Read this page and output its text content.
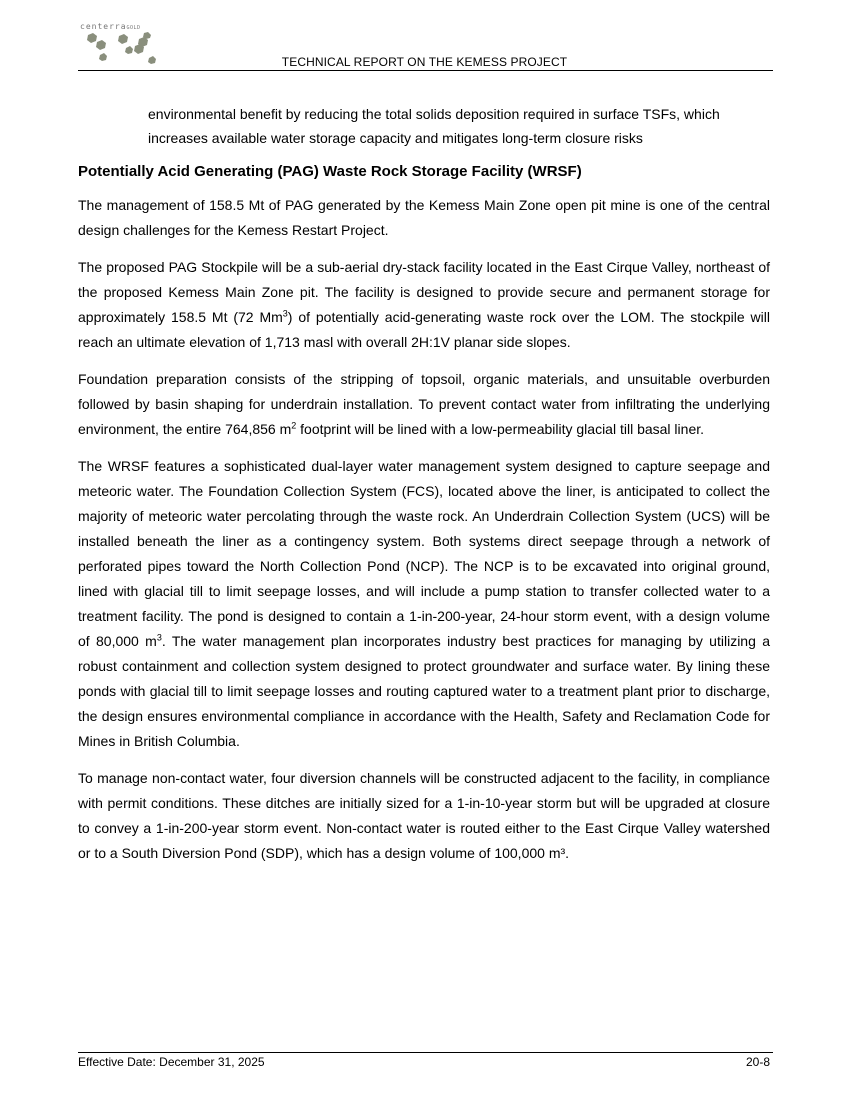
centerraGOLD
TECHNICAL REPORT ON THE KEMESS PROJECT
environmental benefit by reducing the total solids deposition required in surface TSFs, which
increases available water storage capacity and mitigates long-term closure risks
Potentially Acid Generating (PAG) Waste Rock Storage Facility (WRSF)

The management of 158.5 Mt of PAG generated by the Kemess Main Zone open pit mine is one of the central design challenges for the Kemess Restart Project.

The proposed PAG Stockpile will be a sub-aerial dry-stack facility located in the East Cirque Valley, northeast of the proposed Kemess Main Zone pit. The facility is designed to provide secure and permanent storage for approximately 158.5 Mt (72 Mm$^3$) of potentially acid-generating waste rock over the LOM. The stockpile will reach an ultimate elevation of 1,713 masl with overall 2H:1V planar side slopes.

Foundation preparation consists of the stripping of topsoil, organic materials, and unsuitable overburden followed by basin shaping for underdrain installation. To prevent contact water from infiltrating the underlying environment, the entire 764,856 $m^2$ footprint will be lined with a low-permeability glacial till basal liner.

The WRSF features a sophisticated dual-layer water management system designed to capture seepage and meteoric water. The Foundation Collection System (FCS), located above the liner, is anticipated to collect the majority of meteoric water percolating through the waste rock. An Underdrain Collection System (UCS) will be installed beneath the liner as a contingency system. Both systems direct seepage through a network of perforated pipes toward the North Collection Pond (NCP). The NCP is to be excavated into original ground, lined with glacial till to limit seepage losses, and will include a pump station to transfer collected water to a treatment facility. The pond is designed to contain a 1-in-200-year, 24-hour storm event, with a design volume of 80,000 $m^3$. The water management plan incorporates industry best practices for managing by utilizing a robust containment and collection system designed to protect groundwater and surface water. By lining these ponds with glacial till to limit seepage losses and routing captured water to a treatment plant prior to discharge, the design ensures environmental compliance in accordance with the Health, Safety and Reclamation Code for Mines in British Columbia.

To manage non-contact water, four diversion channels will be constructed adjacent to the facility, in compliance with permit conditions. These ditches are initially sized for a 1-in-10-year storm but will be upgraded at closure to convey a 1-in-200-year storm event. Non-contact water is routed either to the East Cirque Valley watershed or to a South Diversion Pond (SDP), which has a design volume of 100,000 m³.

Effective Date: December 31, 2025	20-8
